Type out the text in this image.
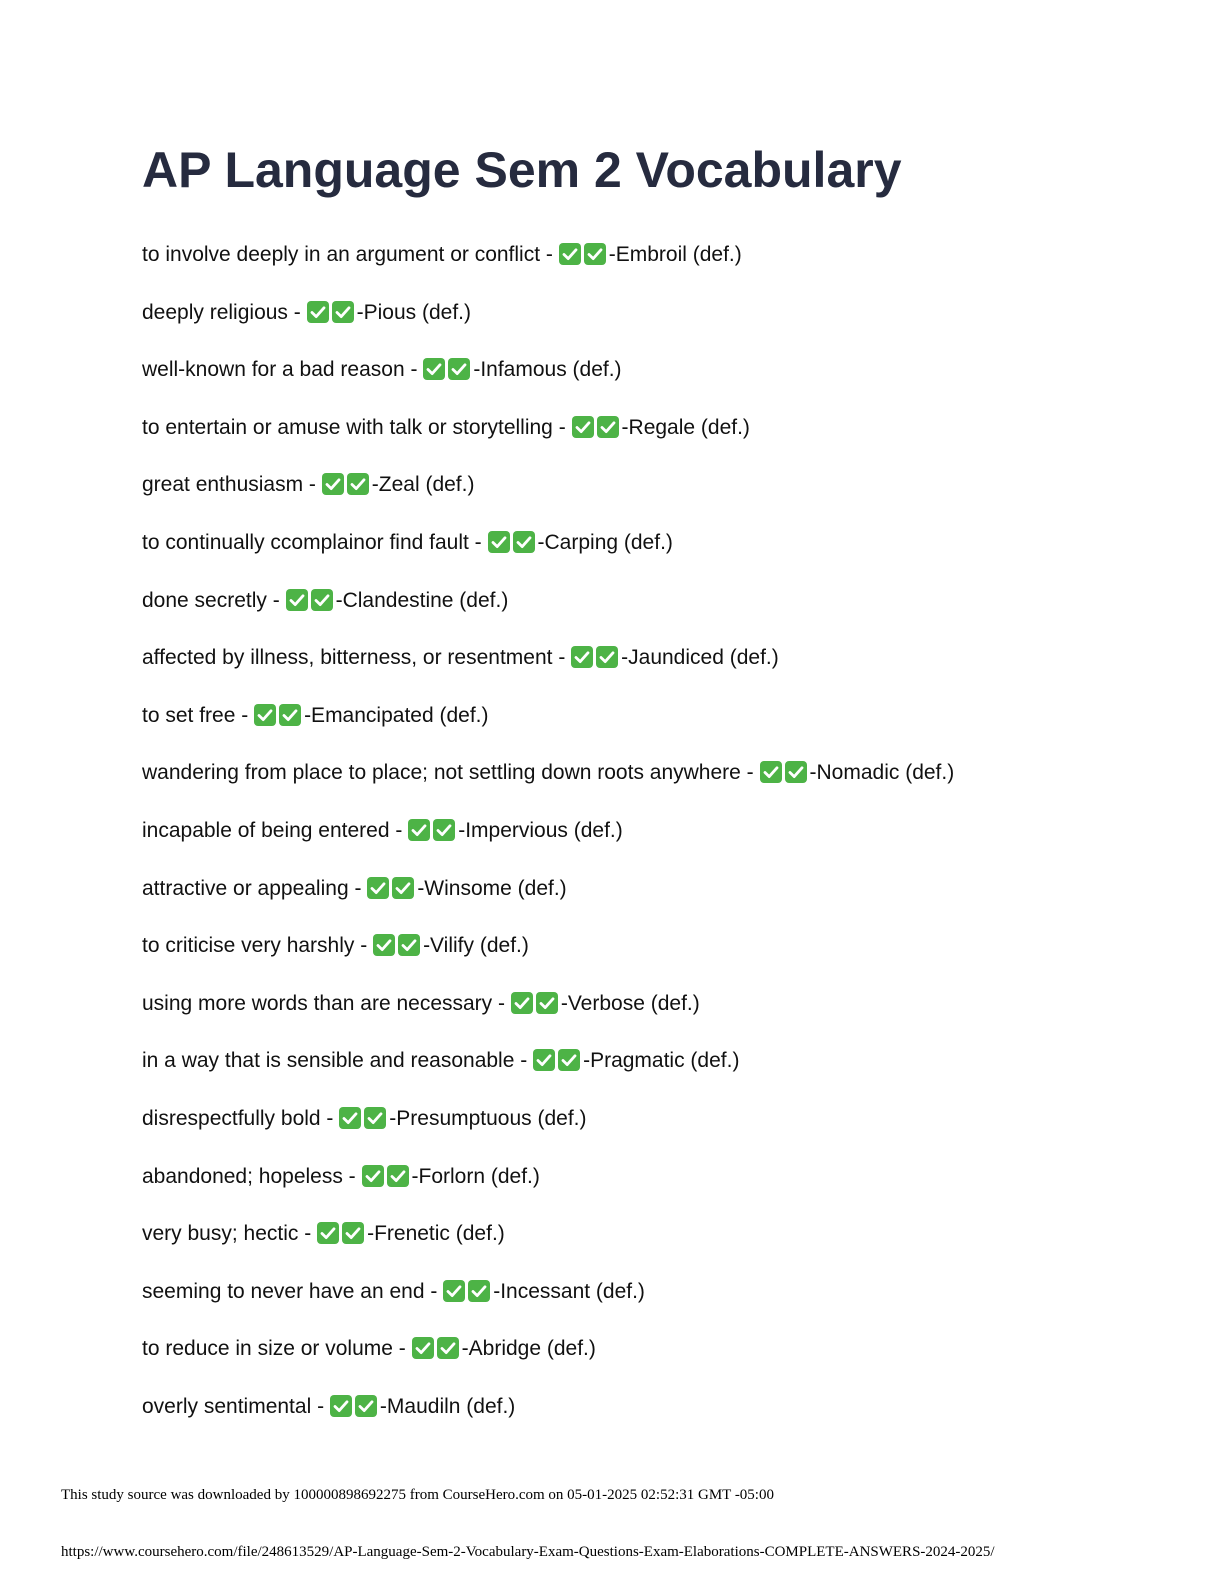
AP Language Sem 2 Vocabulary
to involve deeply in an argument or conflict -
-Embroil (def.)
deeply religious -
-Pious (def.)
well-known for a bad reason -
-Infamous (def.)
to entertain or amuse with talk or storytelling -
-Regale (def.)
great enthusiasm -
-Zeal (def.)
to continually ccomplainor find fault -
-Carping (def.)
done secretly -
-Clandestine (def.)
affected by illness, bitterness, or resentment -
-Jaundiced (def.)
to set free -
-Emancipated (def.)
wandering from place to place; not settling down roots anywhere -
-Nomadic (def.)
incapable of being entered -
-Impervious (def.)
attractive or appealing -
-Winsome (def.)
to criticise very harshly -
-Vilify (def.)
using more words than are necessary -
-Verbose (def.)
in a way that is sensible and reasonable -
-Pragmatic (def.)
disrespectfully bold -
-Presumptuous (def.)
abandoned; hopeless -
-Forlorn (def.)
very busy; hectic -
-Frenetic (def.)
seeming to never have an end -
-Incessant (def.)
to reduce in size or volume -
-Abridge (def.)
overly sentimental -
-Maudiln (def.)

This study source was downloaded by 100000898692275 from CourseHero.com on 05-01-2025 02:52:31 GMT -05:00

https://www.coursehero.com/file/248613529/AP-Language-Sem-2-Vocabulary-Exam-Questions-Exam-Elaborations-COMPLETE-ANSWERS-2024-2025/
